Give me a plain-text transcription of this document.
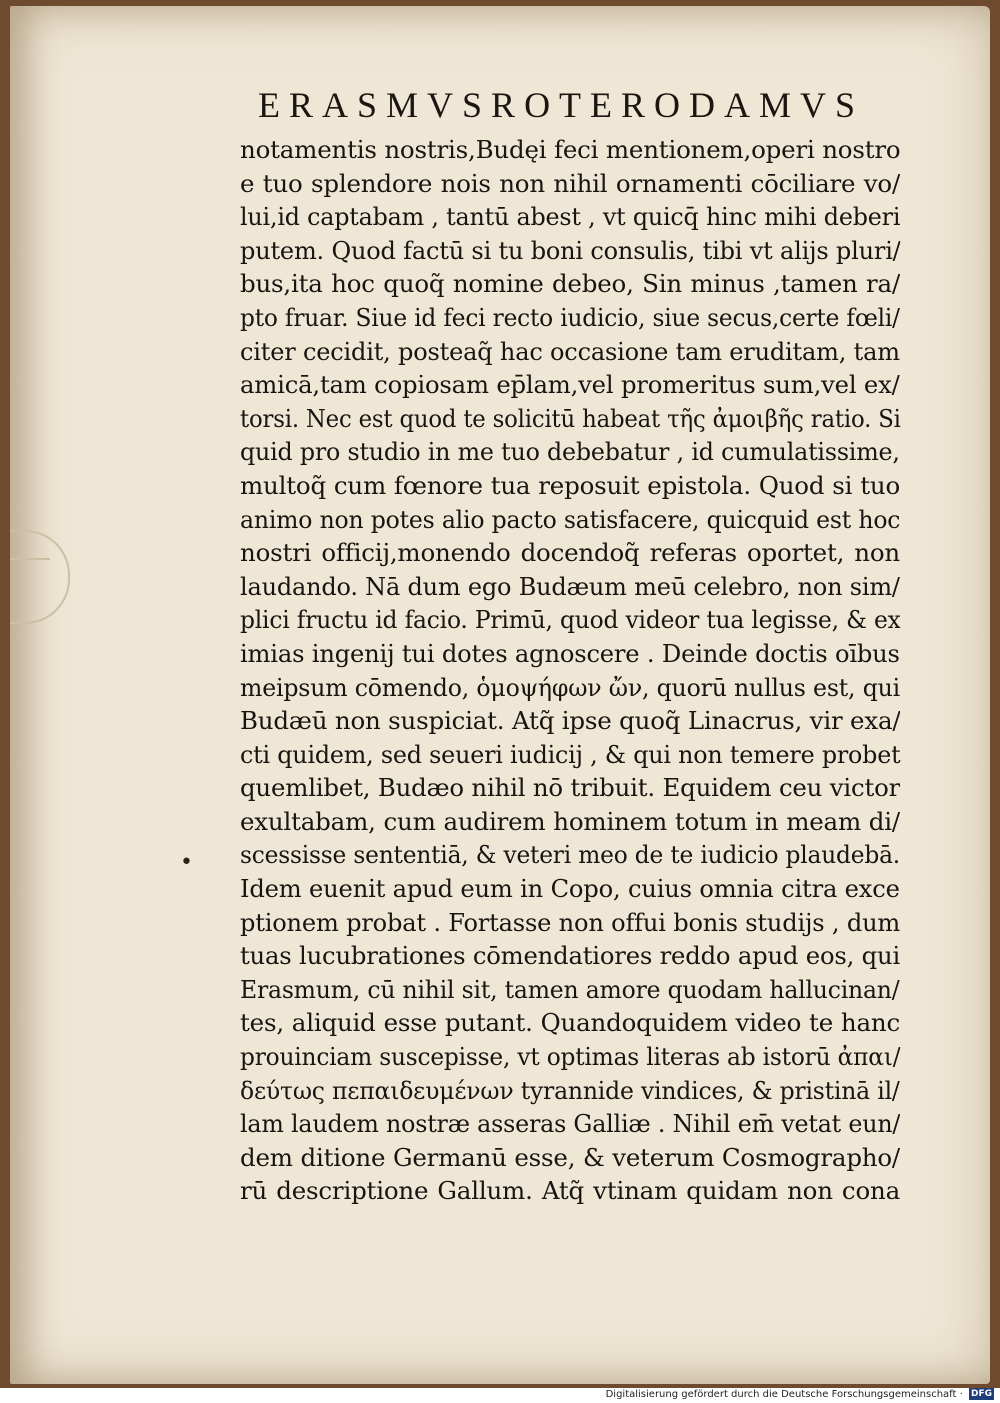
ERASMVSROTERODAMVS
notamentis nostris,Budęi feci mentionem,operi nostro
e tuo splendore nois non nihil ornamenti cōciliare vo/
lui,id captabam , tantū abest , vt quicq̄ hinc mihi deberi
putem. Quod factū si tu boni consulis, tibi vt alijs pluri/
bus,ita hoc quoq̃ nomine debeo, Sin minus ,tamen ra/
pto fruar. Siue id feci recto iudicio, siue secus,certe fœli/
citer cecidit, posteaq̃ hac occasione tam eruditam, tam
amicā,tam copiosam ep̄lam,vel promeritus sum,vel ex/
torsi. Nec est quod te solicitū habeat τῆς ἀμοιβῆς ratio. Si
quid pro studio in me tuo debebatur , id cumulatissime,
multoq̃ cum fœnore tua reposuit epistola. Quod si tuo
animo non potes alio pacto satisfacere, quicquid est hoc
nostri officij,monendo docendoq̃ referas oportet, non
laudando. Nā dum ego Budæum meū celebro, non sim/
plici fructu id facio. Primū, quod videor tua legisse, & ex
imias ingenij tui dotes agnoscere . Deinde doctis oībus
meipsum cōmendo, ὁμοψήφων ὤν, quorū nullus est, qui
Budæū non suspiciat. Atq̃ ipse quoq̃ Linacrus, vir exa/
cti quidem, sed seueri iudicij , & qui non temere probet
quemlibet, Budæo nihil nō tribuit. Equidem ceu victor
exultabam, cum audirem hominem totum in meam di/
scessisse sententiā, & veteri meo de te iudicio plaudebā.
Idem euenit apud eum in Copo, cuius omnia citra exce
ptionem probat . Fortasse non offui bonis studijs , dum
tuas lucubrationes cōmendatiores reddo apud eos, qui
Erasmum, cū nihil sit, tamen amore quodam hallucinan/
tes, aliquid esse putant. Quandoquidem video te hanc
prouinciam suscepisse, vt optimas literas ab istorū ἀπαι/
δεύτως πεπαιδευμένων tyrannide vindices, & pristinā il/
lam laudem nostræ asseras Galliæ . Nihil em̄ vetat eun/
dem ditione Germanū esse, & veterum Cosmographo/
rū descriptione Gallum. Atq̃ vtinam quidam non cona
•
Digitalisierung gefördert durch die Deutsche Forschungsgemeinschaft · DFG
